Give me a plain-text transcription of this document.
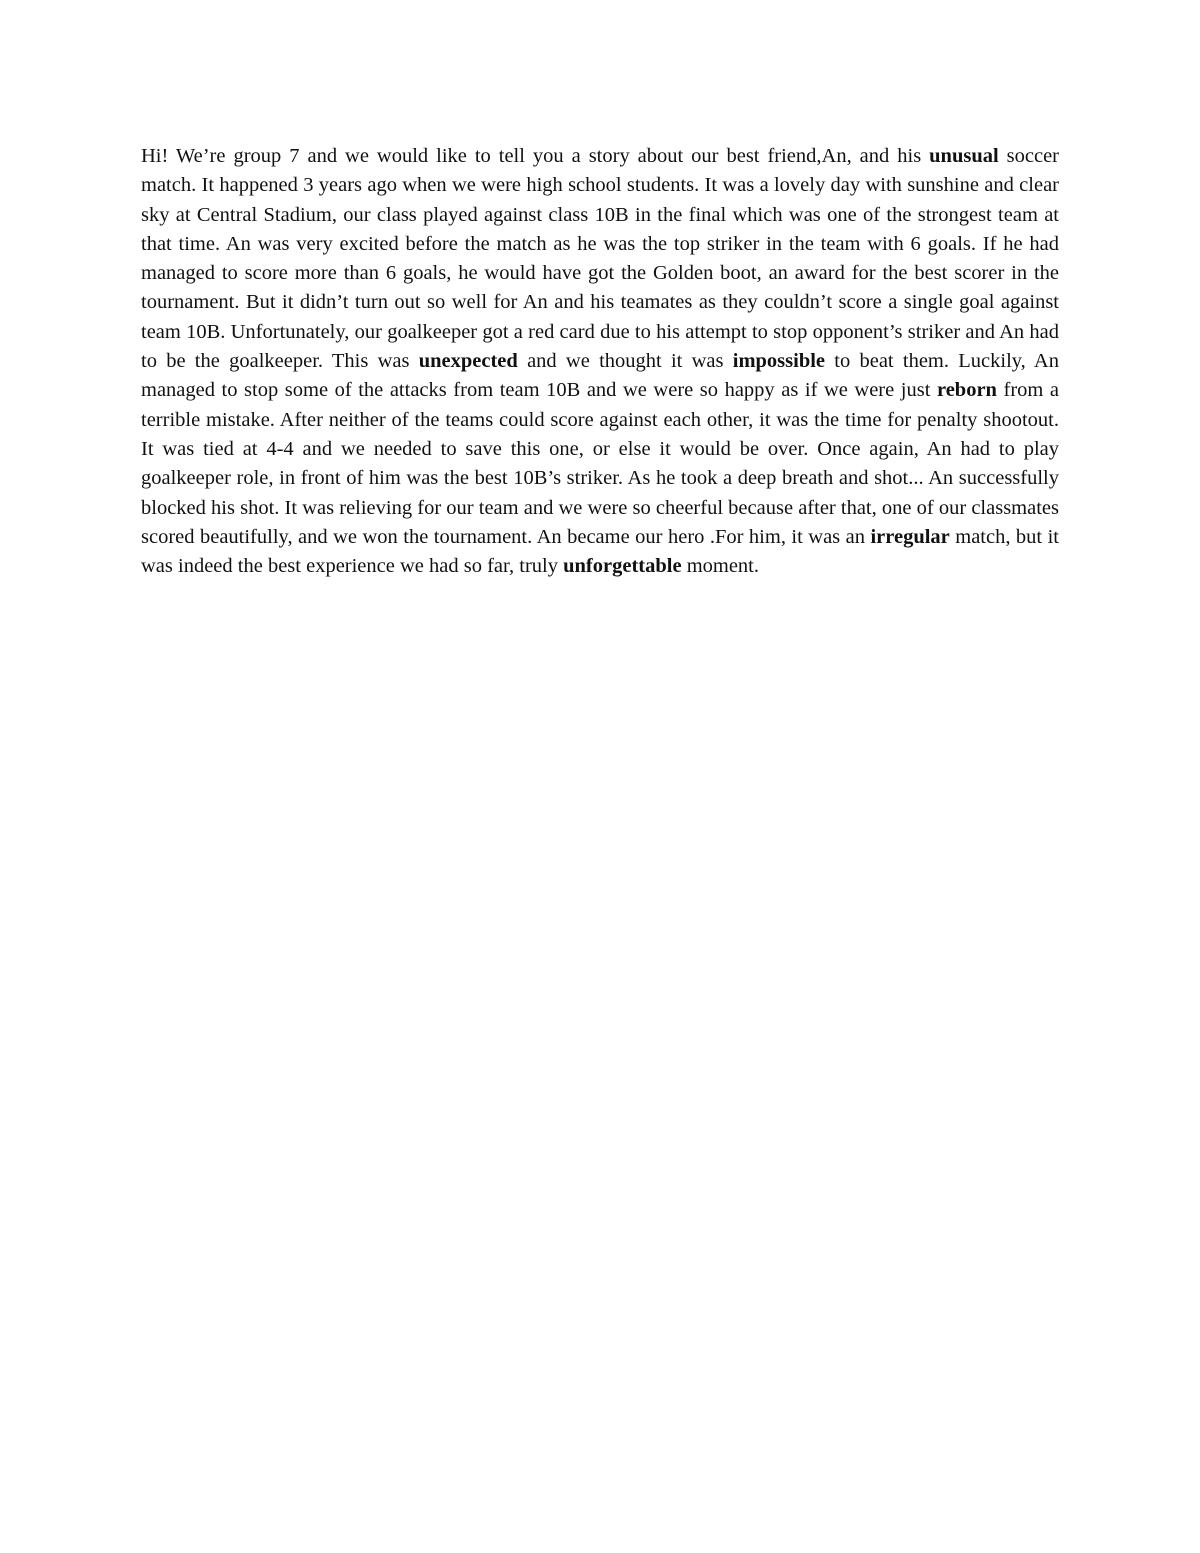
Hi! We’re group 7 and we would like to tell you a story about our best friend,An, and his unusual soccer match. It happened 3 years ago when we were high school students. It was a lovely day with sunshine and clear sky at Central Stadium, our class played against class 10B in the final which was one of the strongest team at that time. An was very excited before the match as he was the top striker in the team with 6 goals. If he had managed to score more than 6 goals, he would have got the Golden boot, an award for the best scorer in the tournament. But it didn’t turn out so well for An and his teamates as they couldn’t score a single goal against team 10B. Unfortunately, our goalkeeper got a red card due to his attempt to stop opponent’s striker and An had to be the goalkeeper. This was unexpected and we thought it was impossible to beat them. Luckily, An managed to stop some of the attacks from team 10B and we were so happy as if we were just reborn from a terrible mistake. After neither of the teams could score against each other, it was the time for penalty shootout. It was tied at 4-4 and we needed to save this one, or else it would be over. Once again, An had to play goalkeeper role, in front of him was the best 10B’s striker. As he took a deep breath and shot... An successfully blocked his shot. It was relieving for our team and we were so cheerful because after that, one of our classmates scored beautifully, and we won the tournament. An became our hero .For him, it was an irregular match, but it was indeed the best experience we had so far, truly unforgettable moment.
